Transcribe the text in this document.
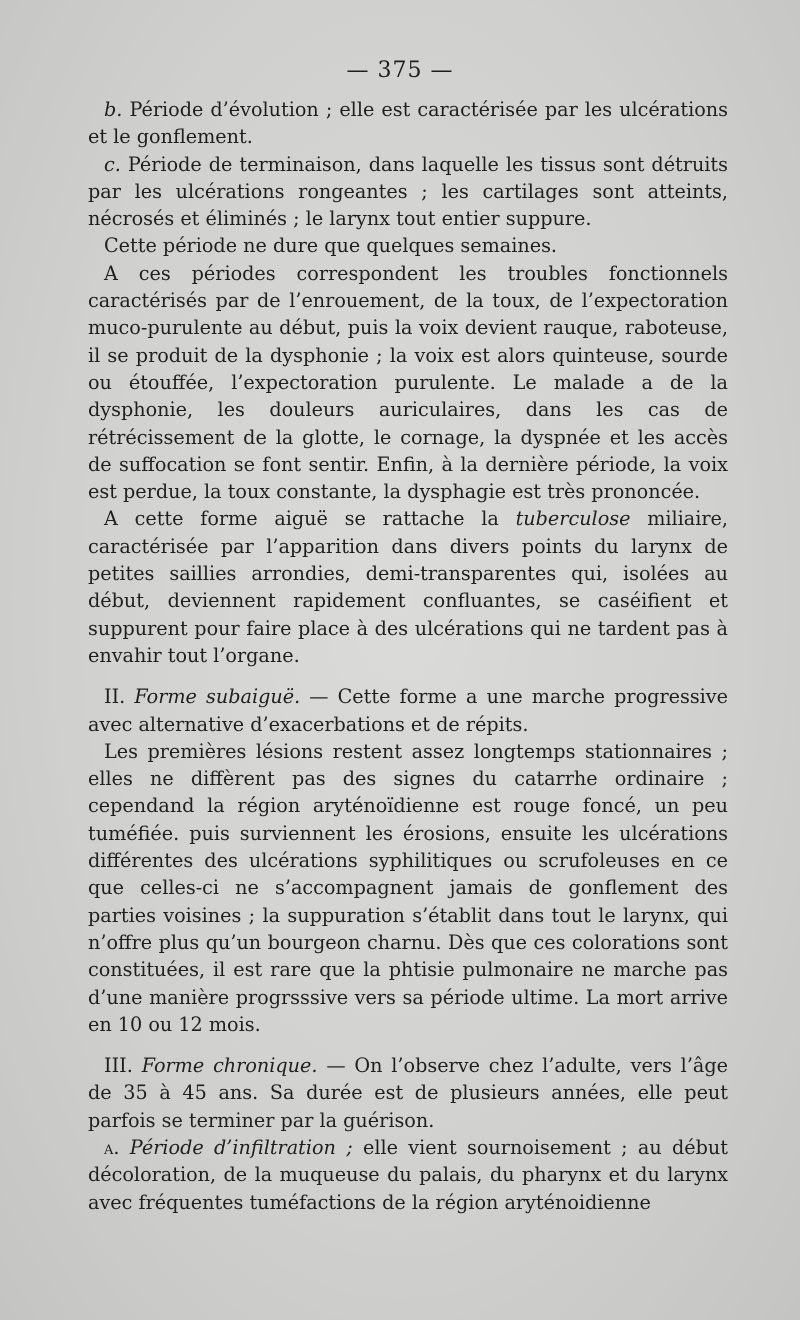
— 375 —

b. Période d’évolution ; elle est caractérisée par les ulcérations et le gonflement.

c. Période de terminaison, dans laquelle les tissus sont détruits par les ulcérations rongeantes ; les cartilages sont atteints, nécrosés et éliminés ; le larynx tout entier suppure.

Cette période ne dure que quelques semaines.

A ces périodes correspondent les troubles fonctionnels caractérisés par de l’enrouement, de la toux, de l’expectoration muco-purulente au début, puis la voix devient rauque, raboteuse, il se produit de la dysphonie ; la voix est alors quinteuse, sourde ou étouffée, l’expectoration purulente. Le malade a de la dysphonie, les douleurs auriculaires, dans les cas de rétrécissement de la glotte, le cornage, la dyspnée et les accès de suffocation se font sentir. Enfin, à la dernière période, la voix est perdue, la toux constante, la dysphagie est très prononcée.

A cette forme aiguë se rattache la tuberculose miliaire, caractérisée par l’apparition dans divers points du larynx de petites saillies arrondies, demi-transparentes qui, isolées au début, deviennent rapidement confluantes, se caséifient et suppurent pour faire place à des ulcérations qui ne tardent pas à envahir tout l’organe.

II. Forme subaiguë. — Cette forme a une marche progressive avec alternative d’exacerbations et de répits.

Les premières lésions restent assez longtemps stationnaires ; elles ne diffèrent pas des signes du catarrhe ordinaire ; cependand la région aryténoïdienne est rouge foncé, un peu tuméfiée. puis surviennent les érosions, ensuite les ulcérations différentes des ulcérations syphilitiques ou scrufoleuses en ce que celles-ci ne s’accompagnent jamais de gonflement des parties voisines ; la suppuration s’établit dans tout le larynx, qui n’offre plus qu’un bourgeon charnu. Dès que ces colorations sont constituées, il est rare que la phtisie pulmonaire ne marche pas d’une manière progrsssive vers sa période ultime. La mort arrive en 10 ou 12 mois.

III. Forme chronique. — On l’observe chez l’adulte, vers l’âge de 35 à 45 ans. Sa durée est de plusieurs années, elle peut parfois se terminer par la guérison.

a. Période d’infiltration ; elle vient sournoisement ; au début décoloration, de la muqueuse du palais, du pharynx et du larynx avec fréquentes tuméfactions de la région aryténoidienne
